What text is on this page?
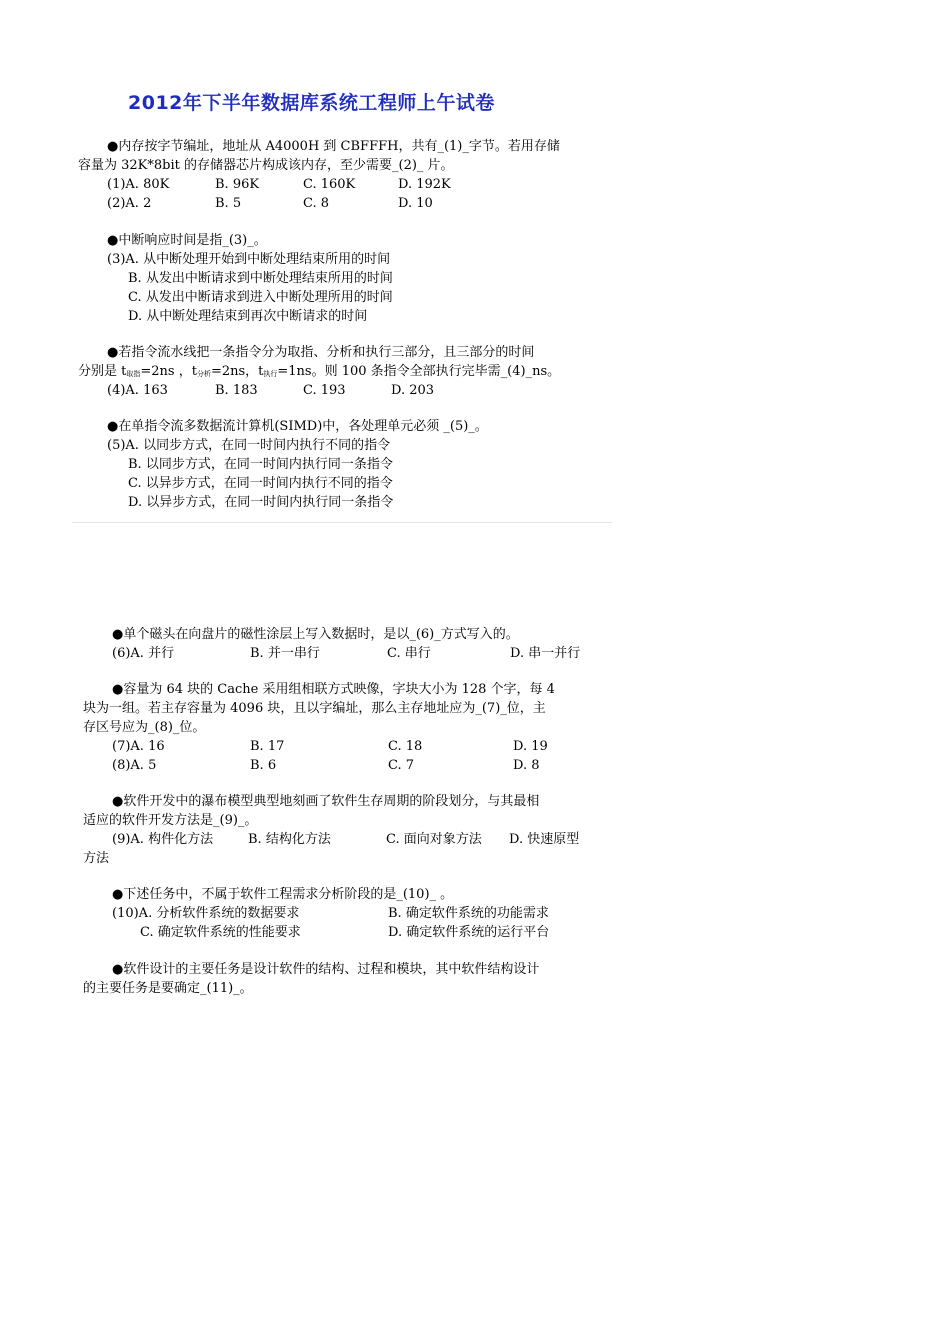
2012年下半年数据库系统工程师上午试卷
●内存按字节编址，地址从 A4000H 到 CBFFFH，共有_(1)_字节。若用存储
容量为 32K*8bit 的存储器芯片构成该内存，至少需要_(2)_ 片。
(1)A. 80K	B. 96K	C. 160K	D. 192K
(2)A. 2	B. 5	C. 8	D. 10
●中断响应时间是指_(3)_。
(3)A. 从中断处理开始到中断处理结束所用的时间
B. 从发出中断请求到中断处理结束所用的时间
C. 从发出中断请求到进入中断处理所用的时间
D. 从中断处理结束到再次中断请求的时间
●若指令流水线把一条指令分为取指、分析和执行三部分，且三部分的时间
分别是 $t_{取指}=2ns$ ，$t_{分析}=2ns$，$t_{执行}=1ns$。则 100 条指令全部执行完毕需_(4)_ns。
(4)A. 163	B. 183	C. 193	D. 203
●在单指令流多数据流计算机(SIMD)中，各处理单元必须 _(5)_。
(5)A. 以同步方式，在同一时间内执行不同的指令
B. 以同步方式，在同一时间内执行同一条指令
C. 以异步方式，在同一时间内执行不同的指令
D. 以异步方式，在同一时间内执行同一条指令
●单个磁头在向盘片的磁性涂层上写入数据时，是以_(6)_方式写入的。
(6)A. 并行	B. 并一串行	C. 串行	D. 串一并行
●容量为 64 块的 Cache 采用组相联方式映像，字块大小为 128 个字，每 4
块为一组。若主存容量为 4096 块，且以字编址，那么主存地址应为_(7)_位，主
存区号应为_(8)_位。
(7)A. 16	B. 17	C. 18	D. 19
(8)A. 5	B. 6	C. 7	D. 8
●软件开发中的瀑布模型典型地刻画了软件生存周期的阶段划分，与其最相
适应的软件开发方法是_(9)_。
(9)A. 构件化方法	B. 结构化方法	C. 面向对象方法 D. 快速原型
方法
●下述任务中，不属于软件工程需求分析阶段的是_(10)_ 。
(10)A. 分析软件系统的数据要求	B. 确定软件系统的功能需求
C. 确定软件系统的性能要求	D. 确定软件系统的运行平台
●软件设计的主要任务是设计软件的结构、过程和模块，其中软件结构设计
的主要任务是要确定_(11)_。
